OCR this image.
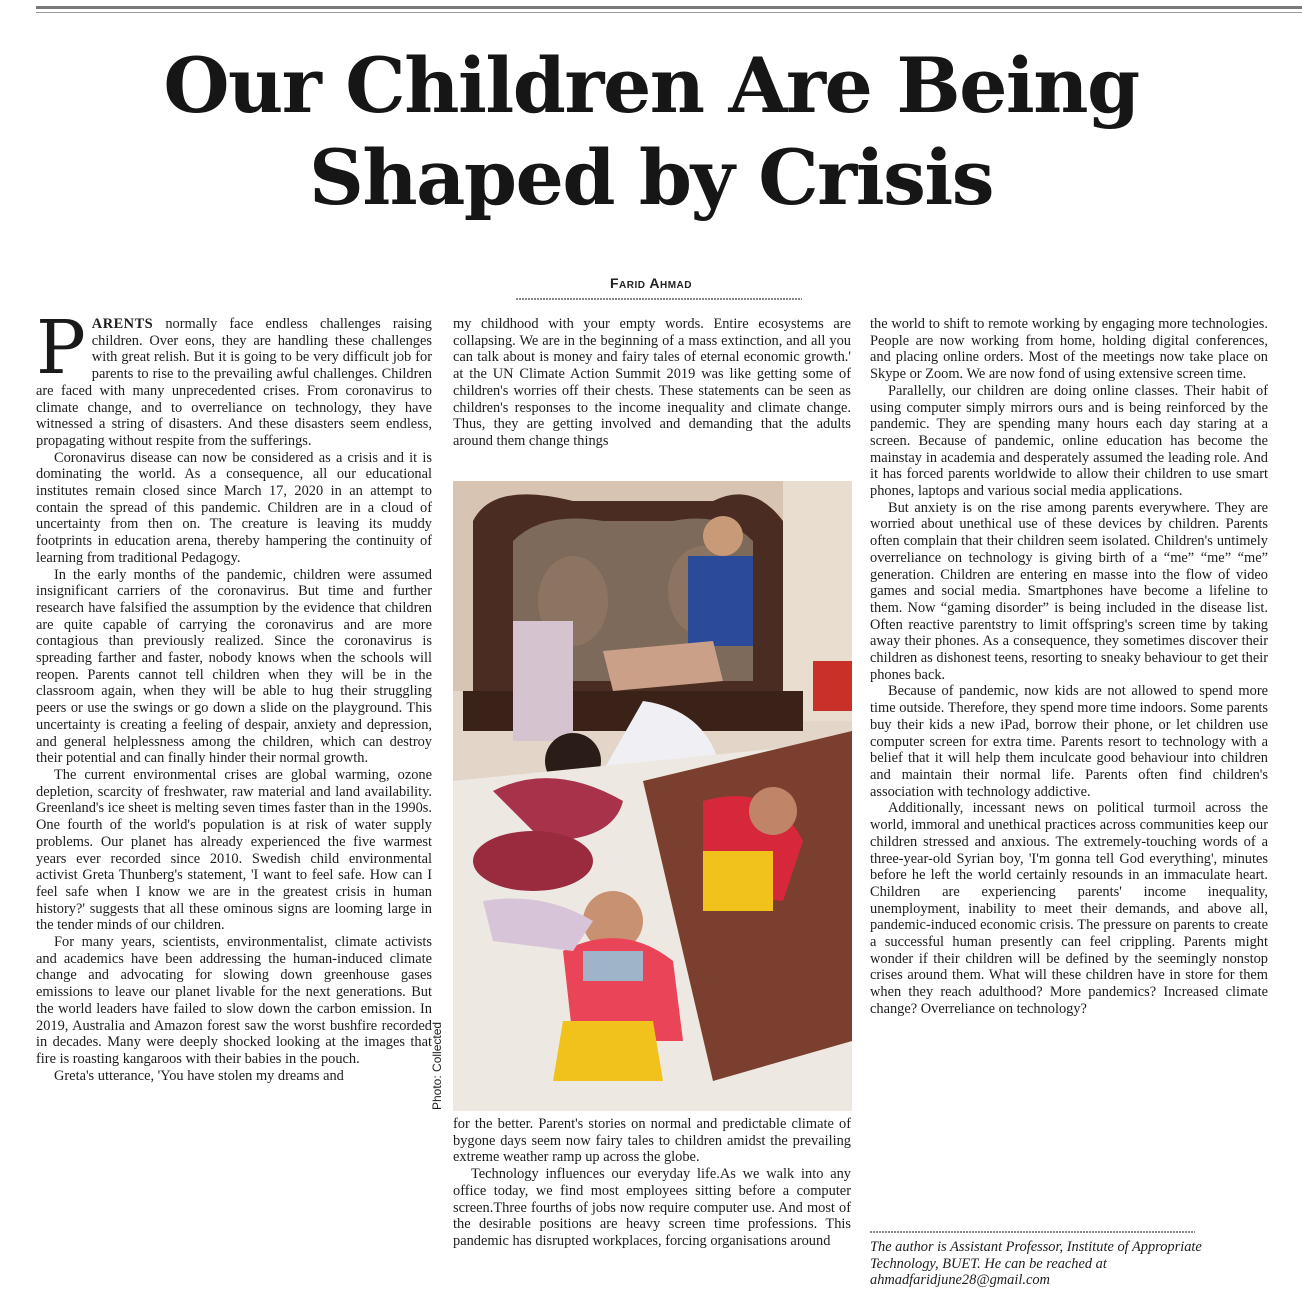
Our Children Are Being Shaped by Crisis
Farid Ahmad

PARENTS normally face endless challenges raising children. Over eons, they are handling these challenges with great relish. But it is going to be very difficult job for parents to rise to the prevailing awful challenges. Children are faced with many unprecedented crises. From coronavirus to climate change, and to overreliance on technology, they have witnessed a string of disasters. And these disasters seem endless, propagating without respite from the sufferings.

Coronavirus disease can now be considered as a crisis and it is dominating the world. As a consequence, all our educational institutes remain closed since March 17, 2020 in an attempt to contain the spread of this pandemic. Children are in a cloud of uncertainty from then on. The creature is leaving its muddy footprints in education arena, thereby hampering the continuity of learning from traditional Pedagogy.

In the early months of the pandemic, children were assumed insignificant carriers of the coronavirus. But time and further research have falsified the assumption by the evidence that children are quite capable of carrying the coronavirus and are more contagious than previously realized. Since the coronavirus is spreading farther and faster, nobody knows when the schools will reopen. Parents cannot tell children when they will be in the classroom again, when they will be able to hug their struggling peers or use the swings or go down a slide on the playground. This uncertainty is creating a feeling of despair, anxiety and depression, and general helplessness among the children, which can destroy their potential and can finally hinder their normal growth.

The current environmental crises are global warming, ozone depletion, scarcity of freshwater, raw material and land availability. Greenland's ice sheet is melting seven times faster than in the 1990s. One fourth of the world's population is at risk of water supply problems. Our planet has already experienced the five warmest years ever recorded since 2010. Swedish child environmental activist Greta Thunberg's statement, 'I want to feel safe. How can I feel safe when I know we are in the greatest crisis in human history?' suggests that all these ominous signs are looming large in the tender minds of our children.

For many years, scientists, environmentalist, climate activists and academics have been addressing the human-induced climate change and advocating for slowing down greenhouse gases emissions to leave our planet livable for the next generations. But the world leaders have failed to slow down the carbon emission. In 2019, Australia and Amazon forest saw the worst bushfire recorded in decades. Many were deeply shocked looking at the images that fire is roasting kangaroos with their babies in the pouch.

Greta's utterance, 'You have stolen my dreams and

my childhood with your empty words. Entire ecosystems are collapsing. We are in the beginning of a mass extinction, and all you can talk about is money and fairy tales of eternal economic growth.' at the UN Climate Action Summit 2019 was like getting some of children's worries off their chests. These statements can be seen as children's responses to the income inequality and climate change. Thus, they are getting involved and demanding that the adults around them change things

Photo: Collected

for the better. Parent's stories on normal and predictable climate of bygone days seem now fairy tales to children amidst the prevailing extreme weather ramp up across the globe.

Technology influences our everyday life.As we walk into any office today, we find most employees sitting before a computer screen.Three fourths of jobs now require computer use. And most of the desirable positions are heavy screen time professions. This pandemic has disrupted workplaces, forcing organisations around

the world to shift to remote working by engaging more technologies. People are now working from home, holding digital conferences, and placing online orders. Most of the meetings now take place on Skype or Zoom. We are now fond of using extensive screen time.

Parallelly, our children are doing online classes. Their habit of using computer simply mirrors ours and is being reinforced by the pandemic. They are spending many hours each day staring at a screen. Because of pandemic, online education has become the mainstay in academia and desperately assumed the leading role. And it has forced parents worldwide to allow their children to use smart phones, laptops and various social media applications.

But anxiety is on the rise among parents everywhere. They are worried about unethical use of these devices by children. Parents often complain that their children seem isolated. Children's untimely overreliance on technology is giving birth of a “me” “me” “me” generation. Children are entering en masse into the flow of video games and social media. Smartphones have become a lifeline to them. Now “gaming disorder” is being included in the disease list. Often reactive parentstry to limit offspring's screen time by taking away their phones. As a consequence, they sometimes discover their children as dishonest teens, resorting to sneaky behaviour to get their phones back.

Because of pandemic, now kids are not allowed to spend more time outside. Therefore, they spend more time indoors. Some parents buy their kids a new iPad, borrow their phone, or let children use computer screen for extra time. Parents resort to technology with a belief that it will help them inculcate good behaviour into children and maintain their normal life. Parents often find children's association with technology addictive.

Additionally, incessant news on political turmoil across the world, immoral and unethical practices across communities keep our children stressed and anxious. The extremely-touching words of a three-year-old Syrian boy, 'I'm gonna tell God everything', minutes before he left the world certainly resounds in an immaculate heart. Children are experiencing parents' income inequality, unemployment, inability to meet their demands, and above all, pandemic-induced economic crisis. The pressure on parents to create a successful human presently can feel crippling. Parents might wonder if their children will be defined by the seemingly nonstop crises around them. What will these children have in store for them when they reach adulthood? More pandemics? Increased climate change? Overreliance on technology?

The author is Assistant Professor, Institute of Appropriate Technology, BUET. He can be reached at ahmadfaridjune28@gmail.com
